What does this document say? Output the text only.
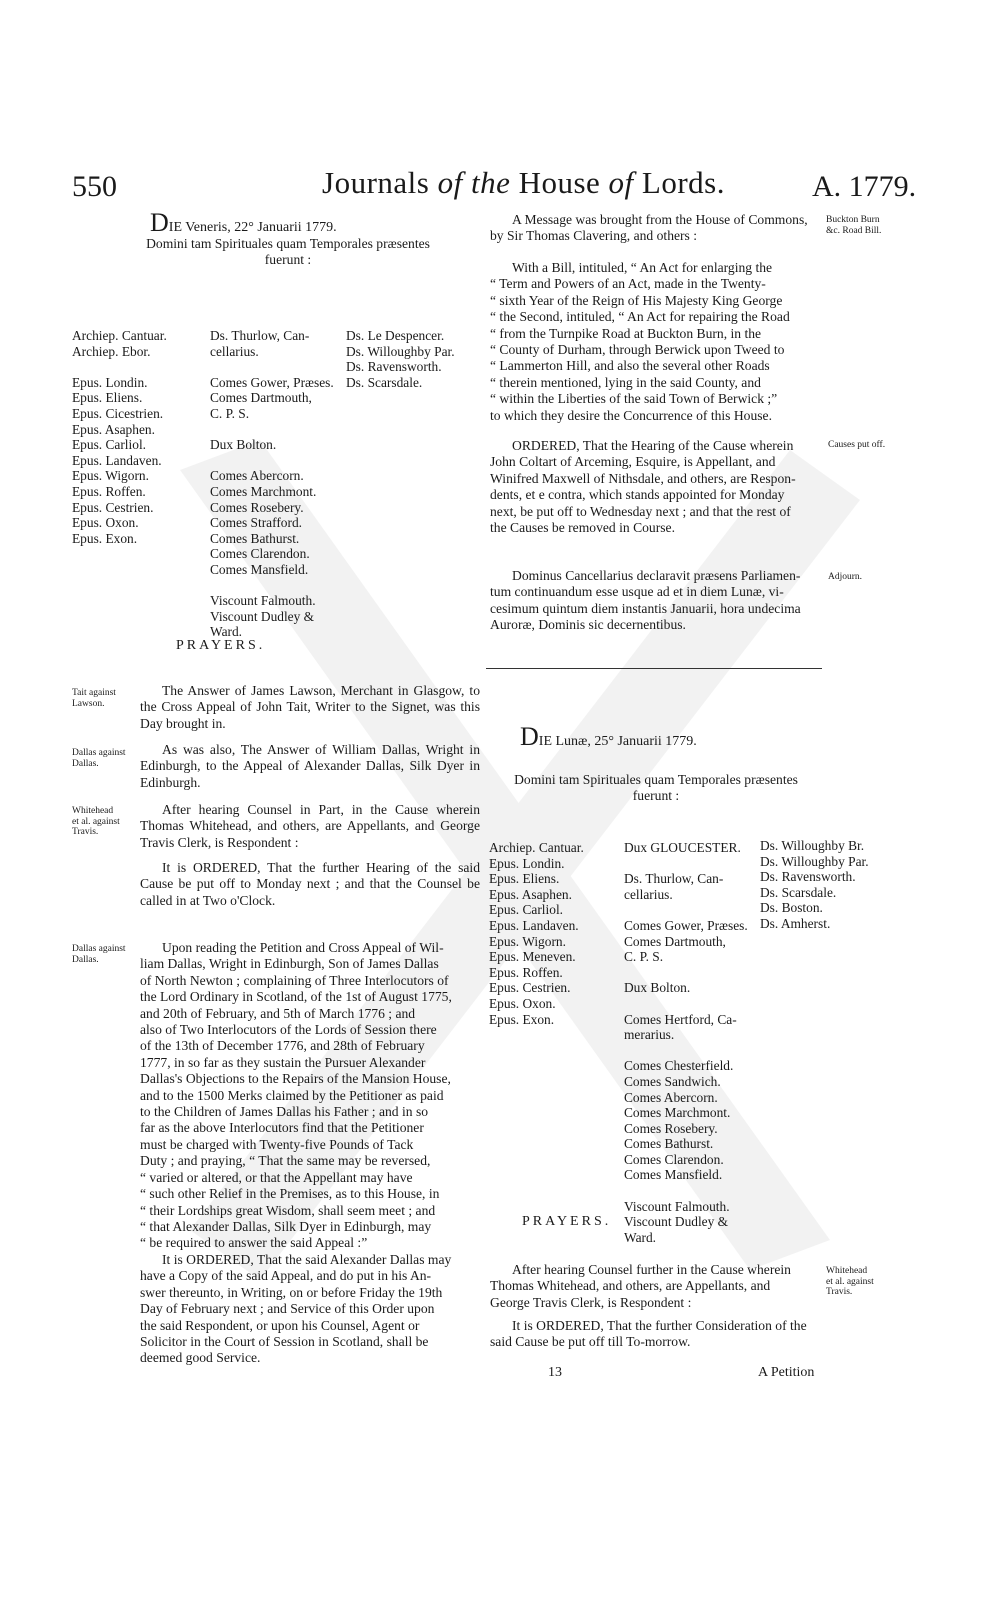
550	Journals of the House of Lords.	A. 1779.
DIE Veneris, 22° Januarii 1779.
Domini tam Spirituales quam Temporales præsentes
fuerunt :
Archiep. Cantuar.
Archiep. Ebor.
Epus. Londin.
Epus. Eliens.
Epus. Cicestrien.
Epus. Asaphen.
Epus. Carliol.
Epus. Landaven.
Epus. Wigorn.
Epus. Roffen.
Epus. Cestrien.
Epus. Oxon.
Epus. Exon.
Ds. Thurlow, Can-
cellarius.
Comes Gower, Præses.
Comes Dartmouth,
C. P. S.
Dux Bolton.
Comes Abercorn.
Comes Marchmont.
Comes Rosebery.
Comes Strafford.
Comes Bathurst.
Comes Clarendon.
Comes Mansfield.
Viscount Falmouth.
Viscount Dudley &
Ward.
Ds. Le Despencer.
Ds. Willoughby Par.
Ds. Ravensworth.
Ds. Scarsdale.
PRAYERS.
Tait against
Lawson.
The Answer of James Lawson, Merchant in Glasgow, to the Cross Appeal of John Tait, Writer to the Signet, was this Day brought in.
Dallas against
Dallas.
As was also, The Answer of William Dallas, Wright in Edinburgh, to the Appeal of Alexander Dallas, Silk Dyer in Edinburgh.
Whitehead
et al. against
Travis.
After hearing Counsel in Part, in the Cause wherein Thomas Whitehead, and others, are Appellants, and George Travis Clerk, is Respondent :
It is ORDERED, That the further Hearing of the said Cause be put off to Monday next ; and that the Counsel be called in at Two o'Clock.
Dallas against
Dallas.
Upon reading the Petition and Cross Appeal of Wil-
liam Dallas, Wright in Edinburgh, Son of James Dallas
of North Newton ; complaining of Three Interlocutors of
the Lord Ordinary in Scotland, of the 1st of August 1775,
and 20th of February, and 5th of March 1776 ; and
also of Two Interlocutors of the Lords of Session there
of the 13th of December 1776, and 28th of February
1777, in so far as they sustain the Pursuer Alexander
Dallas's Objections to the Repairs of the Mansion House,
and to the 1500 Merks claimed by the Petitioner as paid
to the Children of James Dallas his Father ; and in so
far as the above Interlocutors find that the Petitioner
must be charged with Twenty-five Pounds of Tack
Duty ; and praying, “ That the same may be reversed,
“ varied or altered, or that the Appellant may have
“ such other Relief in the Premises, as to this House, in
“ their Lordships great Wisdom, shall seem meet ; and
“ that Alexander Dallas, Silk Dyer in Edinburgh, may
“ be required to answer the said Appeal :”
It is ORDERED, That the said Alexander Dallas may
have a Copy of the said Appeal, and do put in his An-
swer thereunto, in Writing, on or before Friday the 19th
Day of February next ; and Service of this Order upon
the said Respondent, or upon his Counsel, Agent or
Solicitor in the Court of Session in Scotland, shall be
deemed good Service.
Buckton Burn
&c. Road Bill.
A Message was brought from the House of Commons,
by Sir Thomas Clavering, and others :
With a Bill, intituled, “ An Act for enlarging the
“ Term and Powers of an Act, made in the Twenty-
“ sixth Year of the Reign of His Majesty King George
“ the Second, intituled, “ An Act for repairing the Road
“ from the Turnpike Road at Buckton Burn, in the
“ County of Durham, through Berwick upon Tweed to
“ Lammerton Hill, and also the several other Roads
“ therein mentioned, lying in the said County, and
“ within the Liberties of the said Town of Berwick ;”
to which they desire the Concurrence of this House.
Causes put off.
ORDERED, That the Hearing of the Cause wherein
John Coltart of Arceming, Esquire, is Appellant, and
Winifred Maxwell of Nithsdale, and others, are Respon-
dents, et e contra, which stands appointed for Monday
next, be put off to Wednesday next ; and that the rest of
the Causes be removed in Course.
Adjourn.
Dominus Cancellarius declaravit præsens Parliamen-
tum continuandum esse usque ad et in diem Lunæ, vi-
cesimum quintum diem instantis Januarii, hora undecima
Auroræ, Dominis sic decernentibus.
DIE Lunæ, 25° Januarii 1779.
Domini tam Spirituales quam Temporales præsentes
fuerunt :
Archiep. Cantuar.
Epus. Londin.
Epus. Eliens.
Epus. Asaphen.
Epus. Carliol.
Epus. Landaven.
Epus. Wigorn.
Epus. Meneven.
Epus. Roffen.
Epus. Cestrien.
Epus. Oxon.
Epus. Exon.
Dux GLOUCESTER.
Ds. Thurlow, Can-
cellarius.
Comes Gower, Præses.
Comes Dartmouth,
C. P. S.
Dux Bolton.
Comes Hertford, Ca-
merarius.
Comes Chesterfield.
Comes Sandwich.
Comes Abercorn.
Comes Marchmont.
Comes Rosebery.
Comes Bathurst.
Comes Clarendon.
Comes Mansfield.
Viscount Falmouth.
Viscount Dudley &
Ward.
Ds. Willoughby Br.
Ds. Willoughby Par.
Ds. Ravensworth.
Ds. Scarsdale.
Ds. Boston.
Ds. Amherst.
PRAYERS.
Whitehead
et al. against
Travis.
After hearing Counsel further in the Cause wherein
Thomas Whitehead, and others, are Appellants, and
George Travis Clerk, is Respondent :
It is ORDERED, That the further Consideration of the
said Cause be put off till To-morrow.
13	A Petition
